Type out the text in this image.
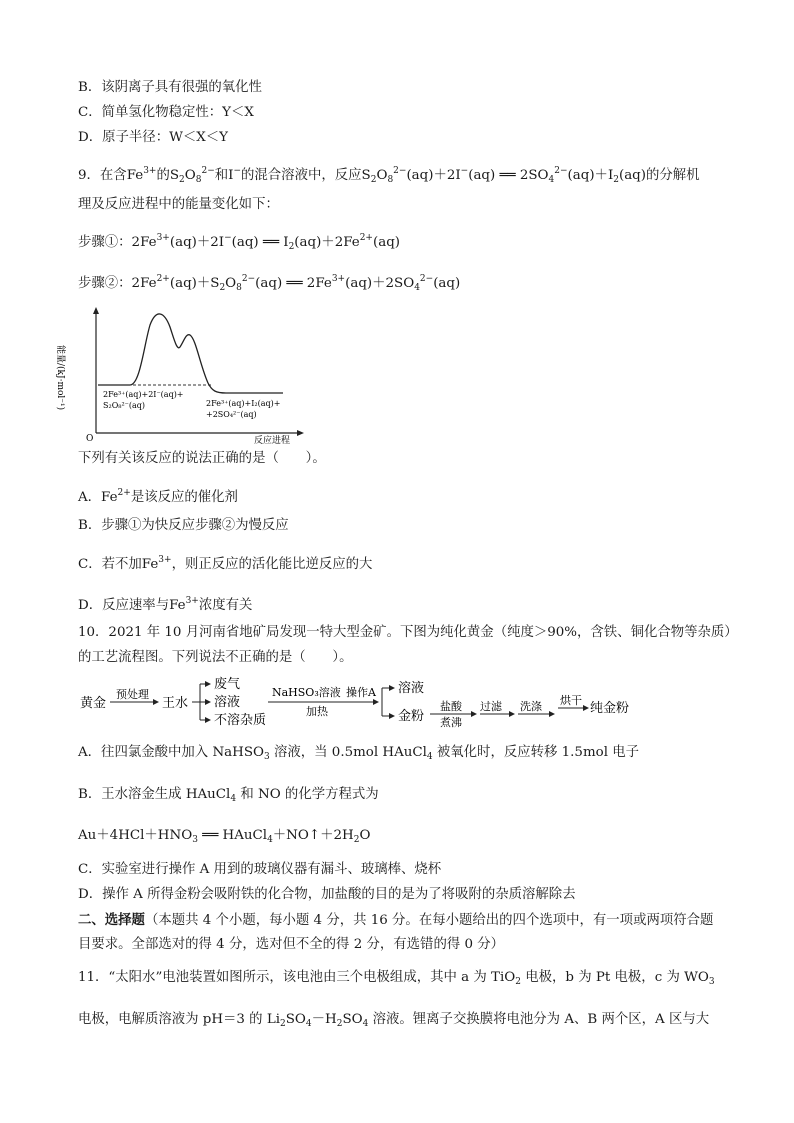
B．该阴离子具有很强的氧化性
C．简单氢化物稳定性：Y＜X
D．原子半径：W＜X＜Y
9．在含$Fe^{3+}$的$S_2O_8^{2-}$和I−的混合溶液中，反应$S_2O_8^{2-}(aq)+2I^-(aq)$ ══ $2SO_4^{2-}(aq)+I_2(aq)$的分解机
理及反应进程中的能量变化如下：
步骤①：$2Fe^{3+}(aq)+2I^-(aq)$ ══ $I_2(aq)+2Fe^{2+}(aq)$
步骤②：$2Fe^{2+}(aq)+S_2O_8^{2-}(aq)$ ══ $2Fe^{3+}(aq)+2SO_4^{2-}(aq)$
能量/(kJ·mol⁻¹)
O	反应进程
2Fe³⁺(aq)+2I⁻(aq)+
S₂O₈²⁻(aq)	2Fe³⁺(aq)+I₂(aq)+
+2SO₄²⁻(aq)
下列有关该反应的说法正确的是（　　）。
A．$Fe^{2+}$是该反应的催化剂
B．步骤①为快反应步骤②为慢反应
C．若不加$Fe^{3+}$，则正反应的活化能比逆反应的大
D．反应速率与$Fe^{3+}$浓度有关
10．2021 年 10 月河南省地矿局发现一特大型金矿。下图为纯化黄金（纯度＞90%，含铁、铜化合物等杂质）
的工艺流程图。下列说法不正确的是（　　）。
黄金
预处理
王水
废气
溶液
不溶杂质
NaHSO₃溶液
加热
操作A 溶液
金粉
盐酸
煮沸
过滤 洗涤 烘干
纯金粉
A．往四氯金酸中加入 NaHSO$_3$ 溶液，当 0.5mol HAuCl$_4$ 被氧化时，反应转移 1.5mol 电子
B．王水溶金生成 HAuCl$_4$ 和 NO 的化学方程式为
$Au+4HCl+HNO_3$ ══ $HAuCl_4+NO↑+2H_2O$
C．实验室进行操作 A 用到的玻璃仪器有漏斗、玻璃棒、烧杯
D．操作 A 所得金粉会吸附铁的化合物，加盐酸的目的是为了将吸附的杂质溶解除去
二、选择题（本题共 4 个小题，每小题 4 分，共 16 分。在每小题给出的四个选项中，有一项或两项符合题
目要求。全部选对的得 4 分，选对但不全的得 2 分，有选错的得 0 分）
11．“太阳水”电池装置如图所示，该电池由三个电极组成，其中 a 为 TiO$_2$ 电极，b 为 Pt 电极，c 为 $WO_3$
电极，电解质溶液为 pH＝3 的 $Li_2SO_4-H_2SO_4$ 溶液。锂离子交换膜将电池分为 A、B 两个区，A 区与大
